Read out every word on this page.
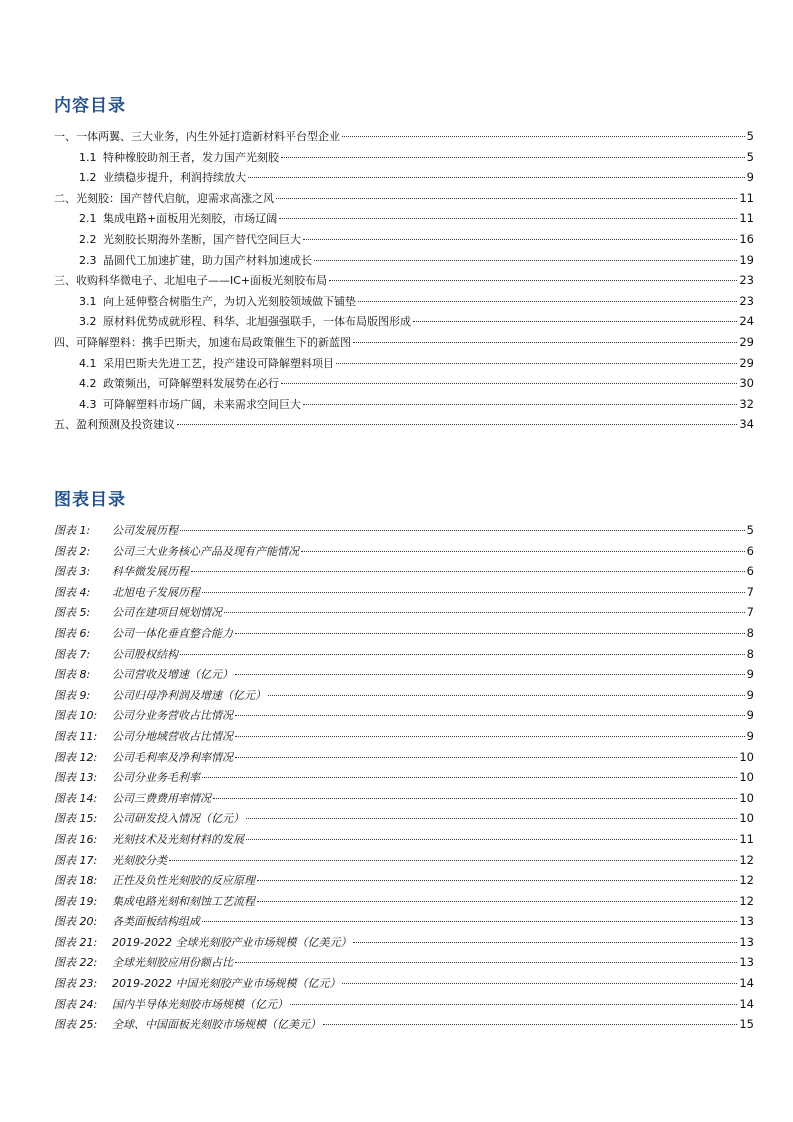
内容目录
一、一体两翼、三大业务，内生外延打造新材料平台型企业	5
1.1 特种橡胶助剂王者，发力国产光刻胶	5
1.2 业绩稳步提升，利润持续放大	9
二、光刻胶：国产替代启航，迎需求高涨之风	11
2.1 集成电路+面板用光刻胶，市场辽阔	11
2.2 光刻胶长期海外垄断，国产替代空间巨大	16
2.3 晶圆代工加速扩建，助力国产材料加速成长	19
三、收购科华微电子、北旭电子——IC+面板光刻胶布局	23
3.1 向上延伸整合树脂生产，为切入光刻胶领域做下铺垫	23
3.2 原材料优势成就形程、科华、北旭强强联手，一体布局版图形成	24
四、可降解塑料：携手巴斯夫，加速布局政策催生下的新蓝图	29
4.1 采用巴斯夫先进工艺，投产建设可降解塑料项目	29
4.2 政策频出，可降解塑料发展势在必行	30
4.3 可降解塑料市场广阔，未来需求空间巨大	32
五、盈利预测及投资建议	34
图表目录
图表 1:	公司发展历程	5
图表 2:	公司三大业务核心产品及现有产能情况	6
图表 3:	科华微发展历程	6
图表 4:	北旭电子发展历程	7
图表 5:	公司在建项目规划情况	7
图表 6:	公司一体化垂直整合能力	8
图表 7:	公司股权结构	8
图表 8:	公司营收及增速（亿元）	9
图表 9:	公司归母净利润及增速（亿元）	9
图表 10:	公司分业务营收占比情况	9
图表 11:	公司分地域营收占比情况	9
图表 12:	公司毛利率及净利率情况	10
图表 13:	公司分业务毛利率	10
图表 14:	公司三费费用率情况	10
图表 15:	公司研发投入情况（亿元）	10
图表 16:	光刻技术及光刻材料的发展	11
图表 17:	光刻胶分类	12
图表 18:	正性及负性光刻胶的反应原理	12
图表 19:	集成电路光刻和刻蚀工艺流程	12
图表 20:	各类面板结构组成	13
图表 21:	2019-2022 全球光刻胶产业市场规模（亿美元）	13
图表 22:	全球光刻胶应用份额占比	13
图表 23:	2019-2022 中国光刻胶产业市场规模（亿元）	14
图表 24:	国内半导体光刻胶市场规模（亿元）	14
图表 25:	全球、中国面板光刻胶市场规模（亿美元）	15
